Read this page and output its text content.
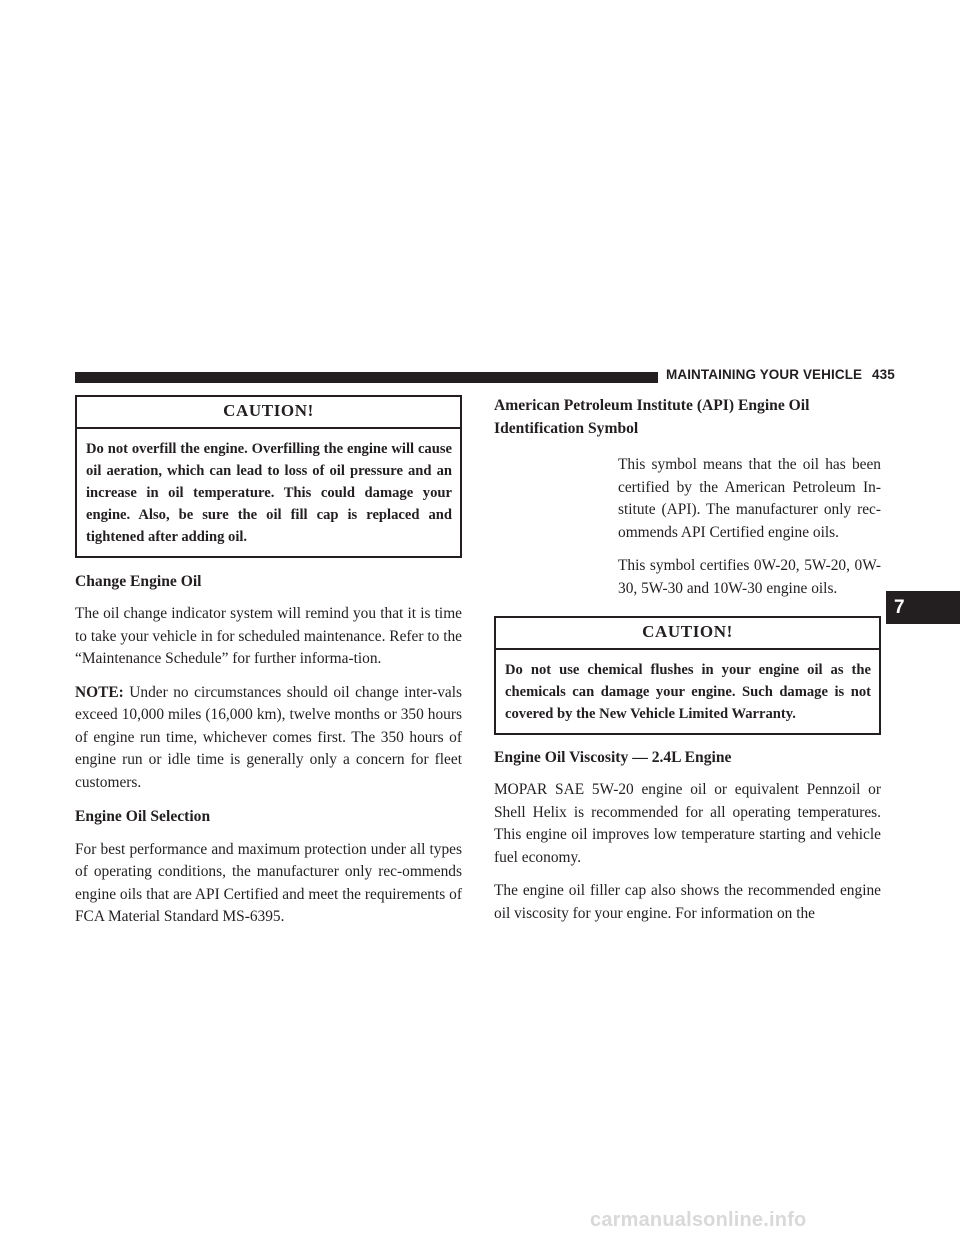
MAINTAINING YOUR VEHICLE 435
CAUTION!
Do not overfill the engine. Overfilling the engine will cause oil aeration, which can lead to loss of oil pressure and an increase in oil temperature. This could damage your engine. Also, be sure the oil fill cap is replaced and tightened after adding oil.

Change Engine Oil

The oil change indicator system will remind you that it is time to take your vehicle in for scheduled maintenance. Refer to the “Maintenance Schedule” for further informa-tion.

NOTE: Under no circumstances should oil change inter-vals exceed 10,000 miles (16,000 km), twelve months or 350 hours of engine run time, whichever comes first. The 350 hours of engine run or idle time is generally only a concern for fleet customers.

Engine Oil Selection

For best performance and maximum protection under all types of operating conditions, the manufacturer only rec-ommends engine oils that are API Certified and meet the requirements of FCA Material Standard MS-6395.

American Petroleum Institute (API) Engine Oil Identification Symbol

This symbol means that the oil has been certified by the American Petroleum In-stitute (API). The manufacturer only rec-ommends API Certified engine oils.

This symbol certifies 0W-20, 5W-20, 0W-30, 5W-30 and 10W-30 engine oils.

CAUTION!
Do not use chemical flushes in your engine oil as the chemicals can damage your engine. Such damage is not covered by the New Vehicle Limited Warranty.

Engine Oil Viscosity — 2.4L Engine

MOPAR SAE 5W-20 engine oil or equivalent Pennzoil or Shell Helix is recommended for all operating temperatures. This engine oil improves low temperature starting and vehicle fuel economy.

The engine oil filler cap also shows the recommended engine oil viscosity for your engine. For information on the

7
carmanualsonline.info
